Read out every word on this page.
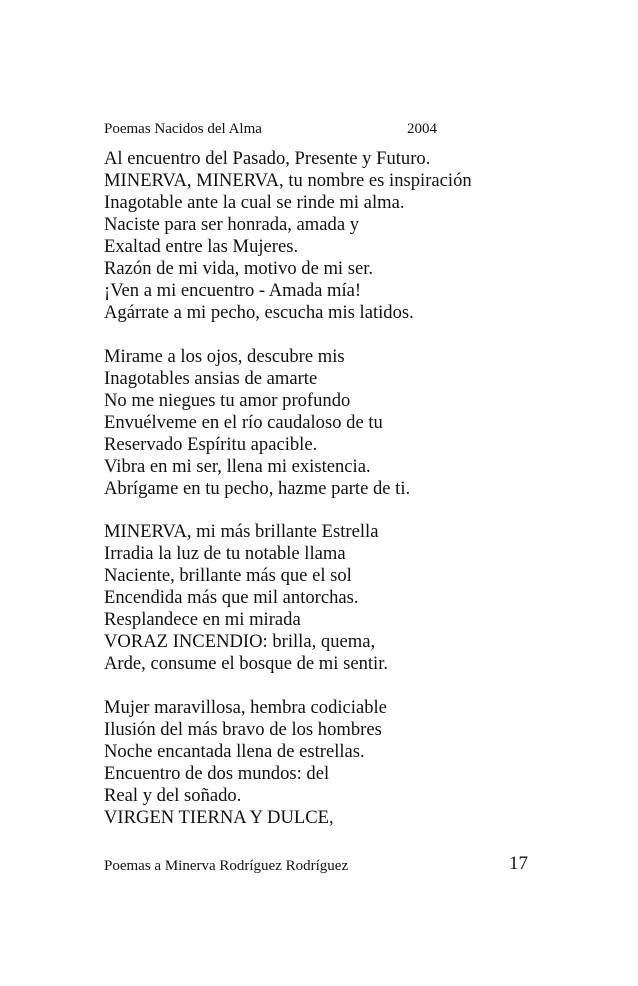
Poemas Nacidos del Alma	2004
Al encuentro del Pasado, Presente y Futuro.
MINERVA, MINERVA, tu nombre es inspiración
Inagotable ante la cual se rinde mi alma.
Naciste para ser honrada, amada y
Exaltad entre las Mujeres.
Razón de mi vida, motivo de mi ser.
¡Ven a mi encuentro - Amada mía!
Agárrate a mi pecho, escucha mis latidos.
Mirame a los ojos, descubre mis
Inagotables ansias de amarte
No me niegues tu amor profundo
Envuélveme en el río caudaloso de tu
Reservado Espíritu apacible.
Vibra en mi ser, llena mi existencia.
Abrígame en tu pecho, hazme parte de ti.
MINERVA, mi más brillante Estrella
Irradia la luz de tu notable llama
Naciente, brillante más que el sol
Encendida más que mil antorchas.
Resplandece en mi mirada
VORAZ INCENDIO: brilla, quema,
Arde, consume el bosque de mi sentir.
Mujer maravillosa, hembra codiciable
Ilusión del más bravo de los hombres
Noche encantada llena de estrellas.
Encuentro de dos mundos: del
Real y del soñado.
VIRGEN TIERNA Y DULCE,
Poemas a Minerva Rodríguez Rodríguez	17
